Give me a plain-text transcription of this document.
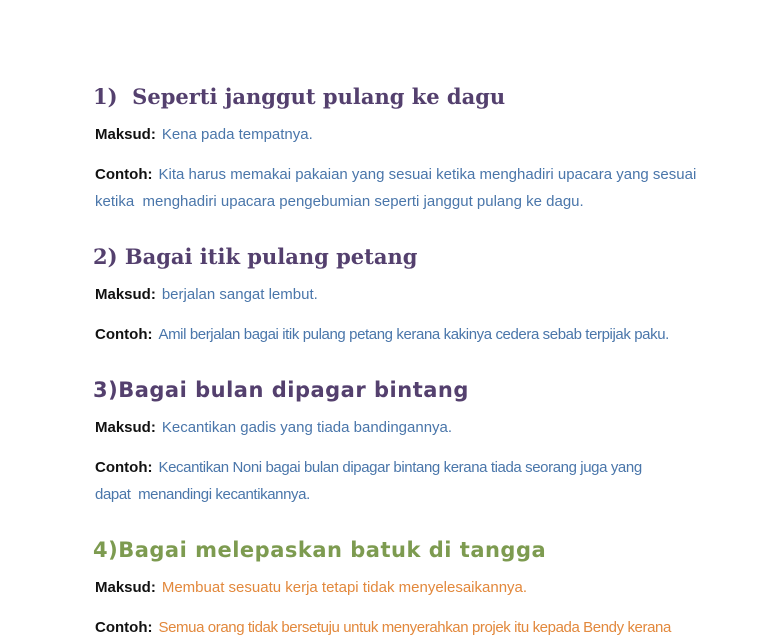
1)  Seperti janggut pulang ke dagu

Maksud: Kena pada tempatnya.

Contoh: Kita harus memakai pakaian yang sesuai ketika menghadiri upacara yang sesuai ketika  menghadiri upacara pengebumian seperti janggut pulang ke dagu.

2) Bagai itik pulang petang

Maksud: berjalan sangat lembut.

Contoh: Amil berjalan bagai itik pulang petang kerana kakinya cedera sebab terpijak paku.

3)Bagai bulan dipagar bintang

Maksud: Kecantikan gadis yang tiada bandingannya.

Contoh: Kecantikan Noni bagai bulan dipagar bintang kerana tiada seorang juga yang dapat  menandingi kecantikannya.

4)Bagai melepaskan batuk di tangga

Maksud: Membuat sesuatu kerja tetapi tidak menyelesaikannya.

Contoh: Semua orang tidak bersetuju untuk menyerahkan projek itu kepada Bendy kerana
